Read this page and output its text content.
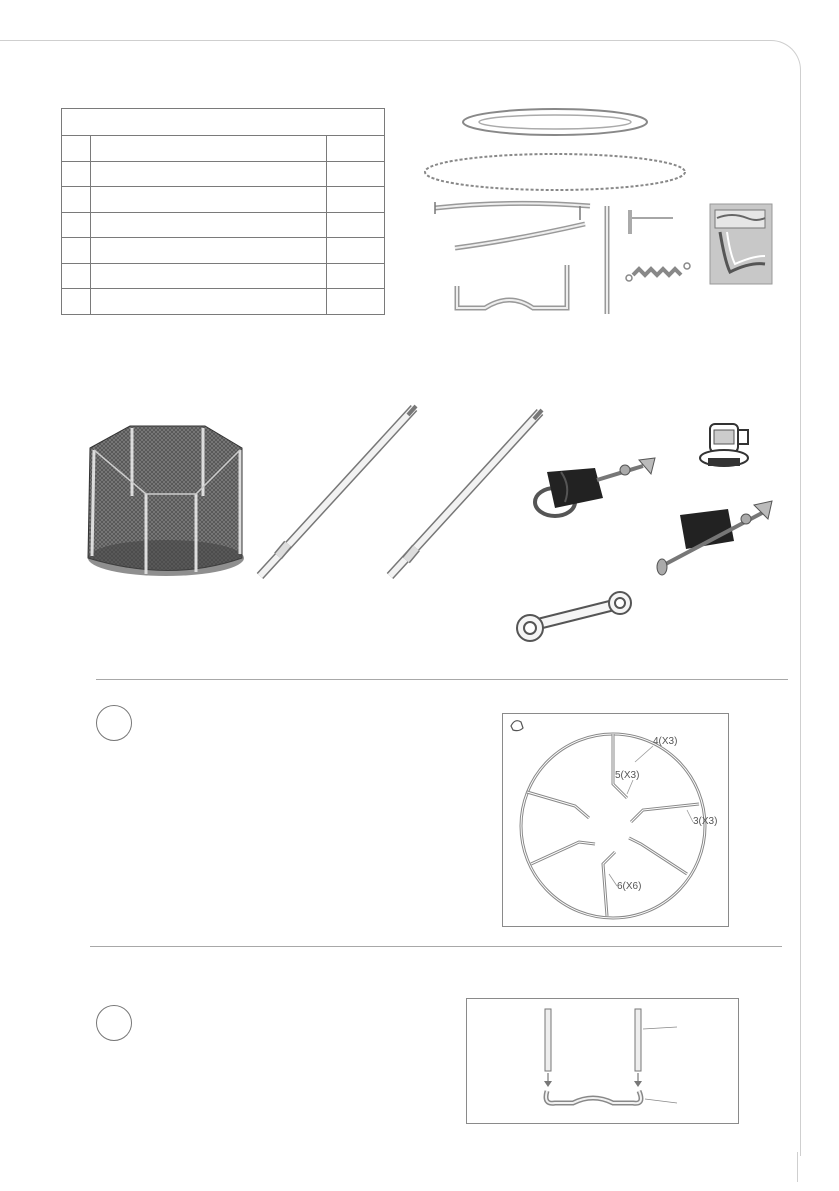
4(X3)
5(X3)
3(X3)
6(X6)
